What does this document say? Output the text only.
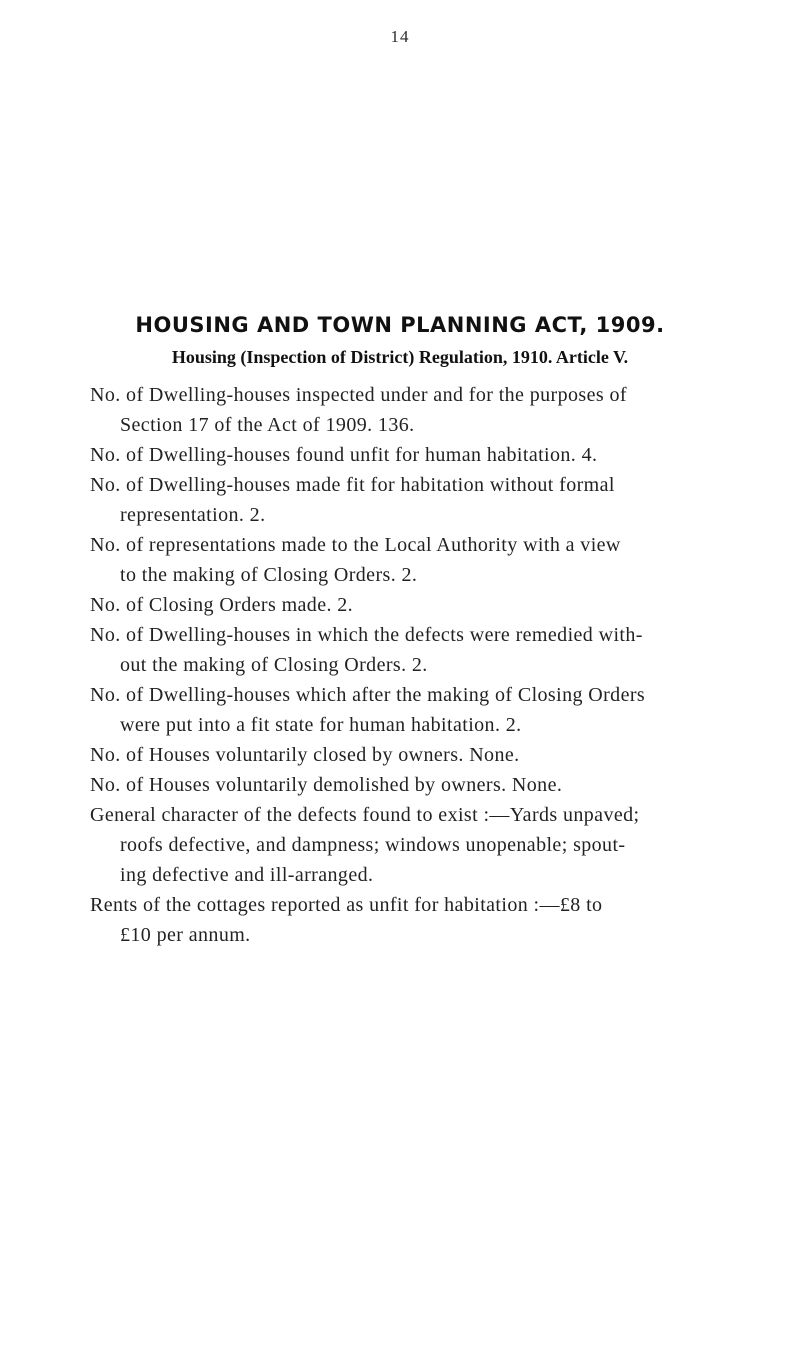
14
HOUSING AND TOWN PLANNING ACT, 1909.
Housing (Inspection of District) Regulation, 1910. Article V.
No. of Dwelling-houses inspected under and for the purposes of
Section 17 of the Act of 1909. 136.
No. of Dwelling-houses found unfit for human habitation. 4.
No. of Dwelling-houses made fit for habitation without formal
representation. 2.
No. of representations made to the Local Authority with a view
to the making of Closing Orders. 2.
No. of Closing Orders made. 2.
No. of Dwelling-houses in which the defects were remedied with-
out the making of Closing Orders. 2.
No. of Dwelling-houses which after the making of Closing Orders
were put into a fit state for human habitation. 2.
No. of Houses voluntarily closed by owners. None.
No. of Houses voluntarily demolished by owners. None.
General character of the defects found to exist :—Yards unpaved;
roofs defective, and dampness; windows unopenable; spout-
ing defective and ill-arranged.
Rents of the cottages reported as unfit for habitation :—£8 to
£10 per annum.
